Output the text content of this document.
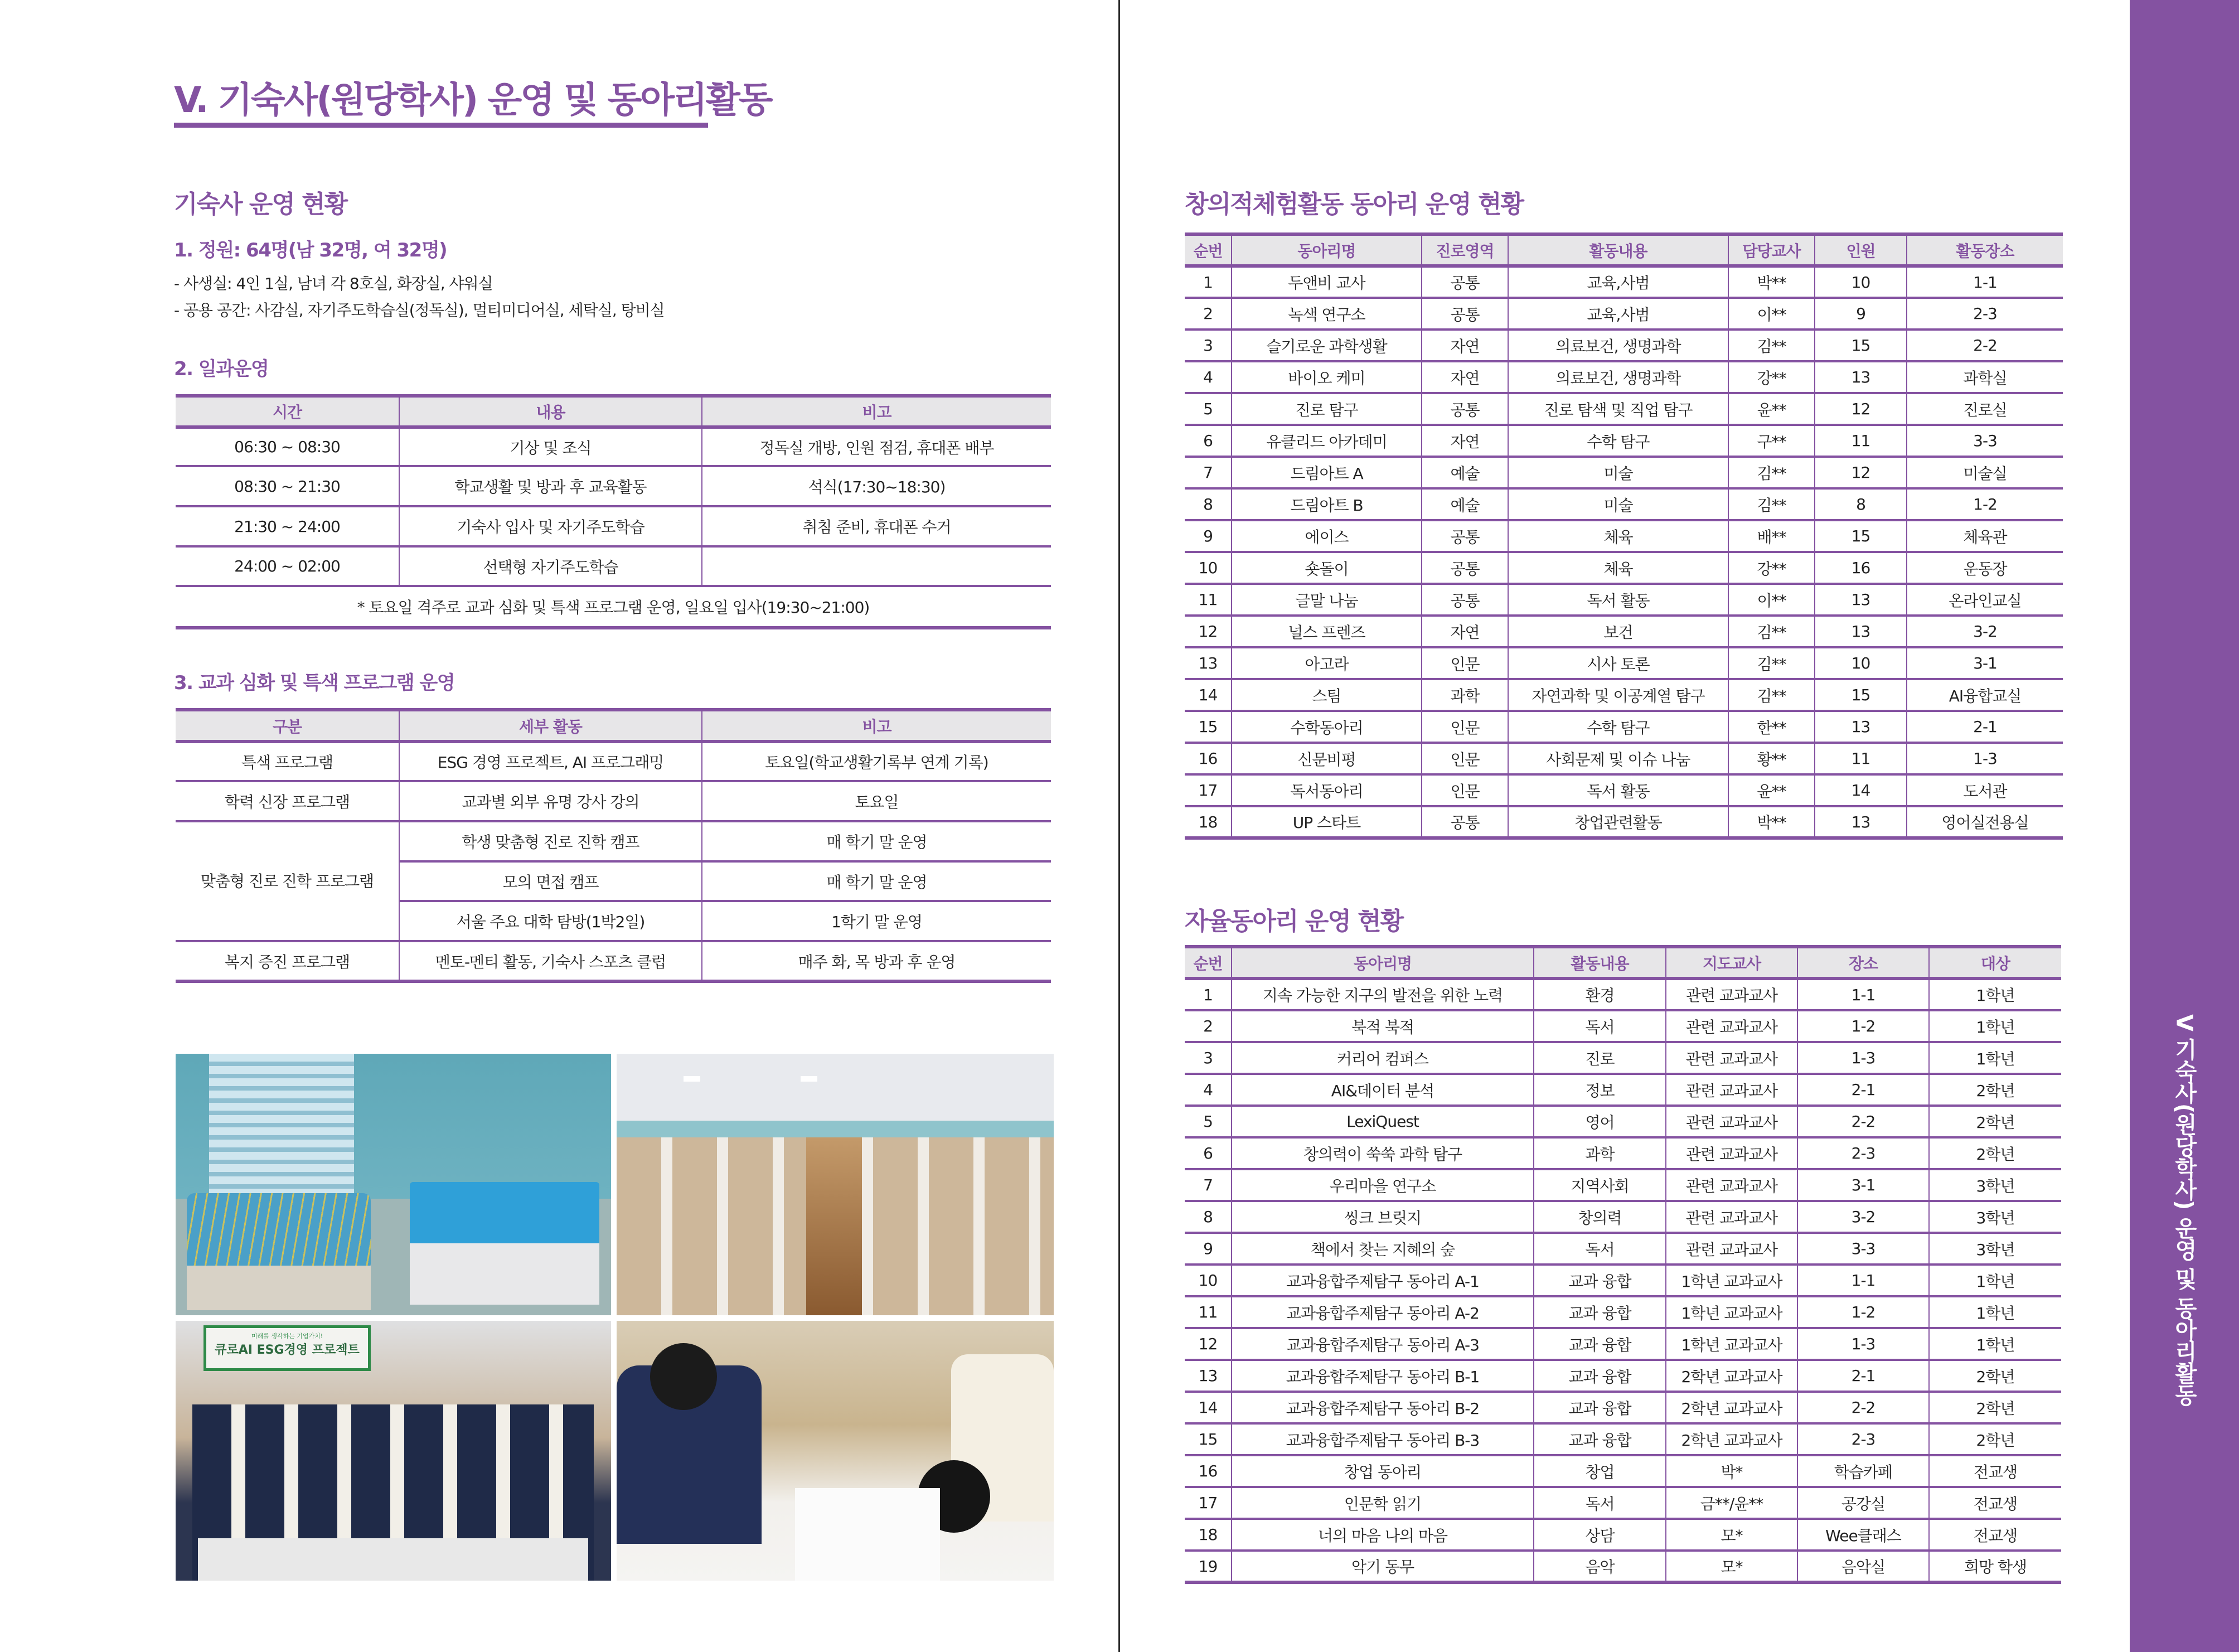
V. 기숙사(원당학사) 운영 및 동아리활동
기숙사 운영 현황
1. 정원: 64명(남 32명, 여 32명)
- 사생실: 4인 1실, 남녀 각 8호실, 화장실, 샤워실
- 공용 공간: 사감실, 자기주도학습실(정독실), 멀티미디어실, 세탁실, 탕비실
2. 일과운영
시간	내용	비고
06:30 ~ 08:30	기상 및 조식	정독실 개방, 인원 점검, 휴대폰 배부
08:30 ~ 21:30	학교생활 및 방과 후 교육활동	석식(17:30~18:30)
21:30 ~ 24:00	기숙사 입사 및 자기주도학습	취침 준비, 휴대폰 수거
24:00 ~ 02:00	선택형 자기주도학습	
* 토요일 격주로 교과 심화 및 특색 프로그램 운영, 일요일 입사(19:30~21:00)		
3. 교과 심화 및 특색 프로그램 운영
구분	세부 활동	비고
특색 프로그램	ESG 경영 프로젝트, AI 프로그래밍	토요일(학교생활기록부 연계 기록)
학력 신장 프로그램	교과별 외부 유명 강사 강의	토요일
맞춤형 진로 진학 프로그램	학생 맞춤형 진로 진학 캠프	매 학기 말 운영
	모의 면접 캠프	매 학기 말 운영
	서울 주요 대학 탐방(1박2일)	1학기 말 운영
복지 증진 프로그램	멘토-멘티 활동, 기숙사 스포츠 클럽	매주 화, 목 방과 후 운영
미래를 생각하는 기업가치!
큐로AI ESG경영 프로젝트
창의적체험활동 동아리 운영 현황
순번	동아리명	진로영역	활동내용	담당교사	인원	활동장소
1	두앤비 교사	공통	교육,사범	박**	10	1-1
2	녹색 연구소	공통	교육,사범	이**	9	2-3
3	슬기로운 과학생활	자연	의료보건, 생명과학	김**	15	2-2
4	바이오 케미	자연	의료보건, 생명과학	강**	13	과학실
5	진로 탐구	공통	진로 탐색 및 직업 탐구	윤**	12	진로실
6	유클리드 아카데미	자연	수학 탐구	구**	11	3-3
7	드림아트 A	예술	미술	김**	12	미술실
8	드림아트 B	예술	미술	김**	8	1-2
9	에이스	공통	체육	배**	15	체육관
10	숏돌이	공통	체육	강**	16	운동장
11	글말 나눔	공통	독서 활동	이**	13	온라인교실
12	널스 프렌즈	자연	보건	김**	13	3-2
13	아고라	인문	시사 토론	김**	10	3-1
14	스팀	과학	자연과학 및 이공계열 탐구	김**	15	AI융합교실
15	수학동아리	인문	수학 탐구	한**	13	2-1
16	신문비평	인문	사회문제 및 이슈 나눔	황**	11	1-3
17	독서동아리	인문	독서 활동	윤**	14	도서관
18	UP 스타트	공통	창업관련활동	박**	13	영어실전용실
자율동아리 운영 현황
순번	동아리명	활동내용	지도교사	장소	대상
1	지속 가능한 지구의 발전을 위한 노력	환경	관련 교과교사	1-1	1학년
2	북적 북적	독서	관련 교과교사	1-2	1학년
3	커리어 컴퍼스	진로	관련 교과교사	1-3	1학년
4	AI&데이터 분석	정보	관련 교과교사	2-1	2학년
5	LexiQuest	영어	관련 교과교사	2-2	2학년
6	창의력이 쑥쑥 과학 탐구	과학	관련 교과교사	2-3	2학년
7	우리마을 연구소	지역사회	관련 교과교사	3-1	3학년
8	씽크 브릿지	창의력	관련 교과교사	3-2	3학년
9	책에서 찾는 지혜의 숲	독서	관련 교과교사	3-3	3학년
10	교과융합주제탐구 동아리 A-1	교과 융합	1학년 교과교사	1-1	1학년
11	교과융합주제탐구 동아리 A-2	교과 융합	1학년 교과교사	1-2	1학년
12	교과융합주제탐구 동아리 A-3	교과 융합	1학년 교과교사	1-3	1학년
13	교과융합주제탐구 동아리 B-1	교과 융합	2학년 교과교사	2-1	2학년
14	교과융합주제탐구 동아리 B-2	교과 융합	2학년 교과교사	2-2	2학년
15	교과융합주제탐구 동아리 B-3	교과 융합	2학년 교과교사	2-3	2학년
16	창업 동아리	창업	박*	학습카페	전교생
17	인문학 읽기	독서	금**/윤**	공강실	전교생
18	너의 마음 나의 마음	상담	모*	Wee클래스	전교생
19	악기 동무	음악	모*	음악실	희망 학생
V 기숙사(원당학사) 운영 및 동아리활동
